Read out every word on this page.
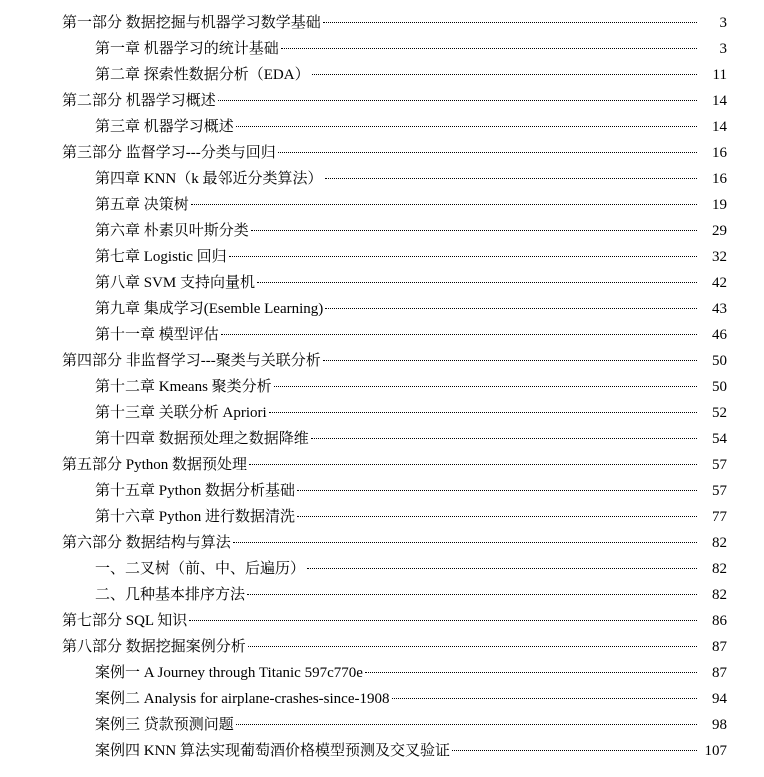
第一部分 数据挖掘与机器学习数学基础	3
第一章 机器学习的统计基础	3
第二章 探索性数据分析（EDA）	11
第二部分 机器学习概述	14
第三章 机器学习概述	14
第三部分 监督学习---分类与回归	16
第四章 KNN（k 最邻近分类算法）	16
第五章 决策树	19
第六章 朴素贝叶斯分类	29
第七章 Logistic 回归	32
第八章 SVM 支持向量机	42
第九章 集成学习(Esemble Learning)	43
第十一章 模型评估	46
第四部分 非监督学习---聚类与关联分析	50
第十二章 Kmeans 聚类分析	50
第十三章 关联分析 Apriori	52
第十四章 数据预处理之数据降维	54
第五部分 Python 数据预处理	57
第十五章 Python 数据分析基础	57
第十六章 Python 进行数据清洗	77
第六部分 数据结构与算法	82
一、二叉树（前、中、后遍历）	82
二、几种基本排序方法	82
第七部分 SQL 知识	86
第八部分 数据挖掘案例分析	87
案例一 A Journey through Titanic 597c770e	87
案例二 Analysis for airplane-crashes-since-1908	94
案例三 贷款预测问题	98
案例四 KNN 算法实现葡萄酒价格模型预测及交叉验证	107
